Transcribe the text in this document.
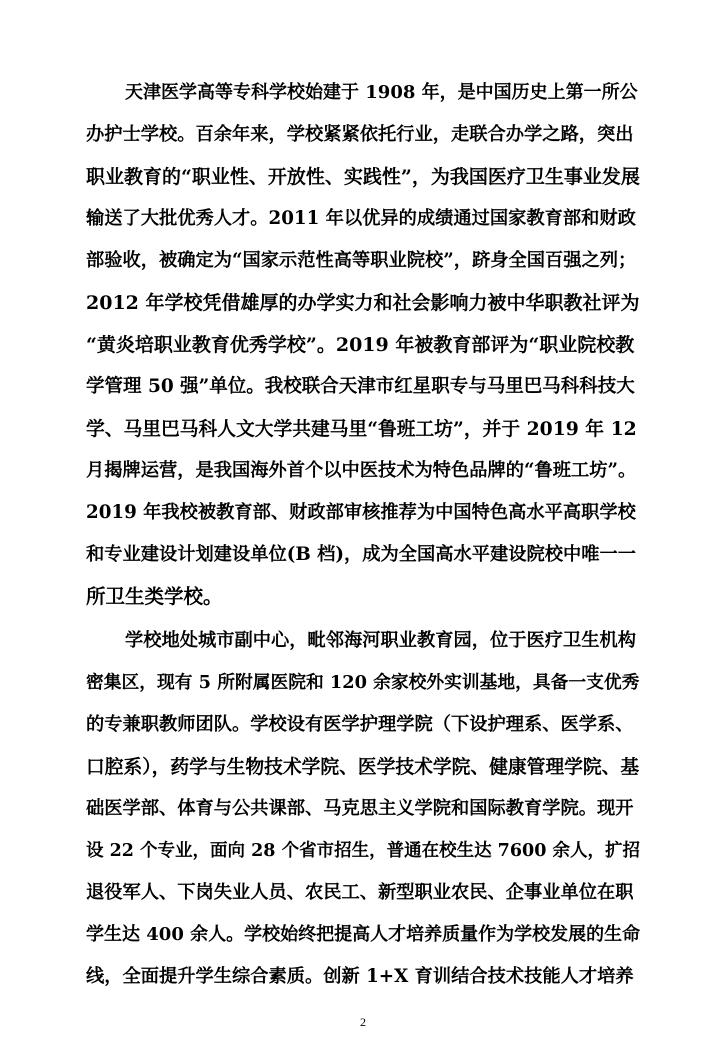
天津医学高等专科学校始建于 1908 年，是中国历史上第一所公
办护士学校。百余年来，学校紧紧依托行业，走联合办学之路，突出
职业教育的“职业性、开放性、实践性”，为我国医疗卫生事业发展
输送了大批优秀人才。2011 年以优异的成绩通过国家教育部和财政
部验收，被确定为“国家示范性高等职业院校”，跻身全国百强之列；
2012 年学校凭借雄厚的办学实力和社会影响力被中华职教社评为
“黄炎培职业教育优秀学校”。2019 年被教育部评为“职业院校教
学管理 50 强”单位。我校联合天津市红星职专与马里巴马科科技大
学、马里巴马科人文大学共建马里“鲁班工坊”，并于 2019 年 12
月揭牌运营，是我国海外首个以中医技术为特色品牌的“鲁班工坊”。
2019 年我校被教育部、财政部审核推荐为中国特色高水平高职学校
和专业建设计划建设单位(B 档)，成为全国高水平建设院校中唯一一
所卫生类学校。
学校地处城市副中心，毗邻海河职业教育园，位于医疗卫生机构
密集区，现有 5 所附属医院和 120 余家校外实训基地，具备一支优秀
的专兼职教师团队。学校设有医学护理学院（下设护理系、医学系、
口腔系），药学与生物技术学院、医学技术学院、健康管理学院、基
础医学部、体育与公共课部、马克思主义学院和国际教育学院。现开
设 22 个专业，面向 28 个省市招生，普通在校生达 7600 余人，扩招
退役军人、下岗失业人员、农民工、新型职业农民、企事业单位在职
学生达 400 余人。学校始终把提高人才培养质量作为学校发展的生命
线，全面提升学生综合素质。创新 1+X 育训结合技术技能人才培养
2
